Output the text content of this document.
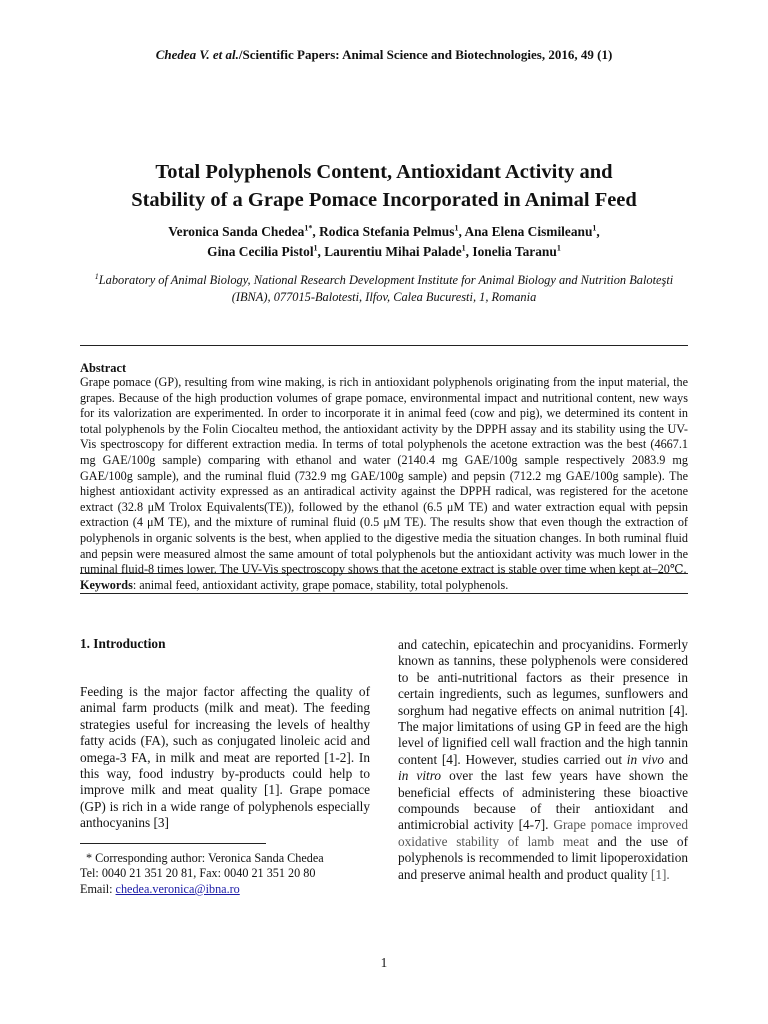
Chedea V. et al./Scientific Papers: Animal Science and Biotechnologies, 2016, 49 (1)
Total Polyphenols Content, Antioxidant Activity and
Stability of a Grape Pomace Incorporated in Animal Feed
Veronica Sanda Chedea$^{1*}$, Rodica Stefania Pelmus$^1$, Ana Elena Cismileanu$^1$,
Gina Cecilia Pistol$^1$, Laurentiu Mihai Palade$^1$, Ionelia Taranu$^1$
$^1$Laboratory of Animal Biology, National Research Development Institute for Animal Biology and Nutrition Baloteşti
(IBNA), 077015-Balotesti, Ilfov, Calea Bucuresti, 1, Romania
Abstract
Grape pomace (GP), resulting from wine making, is rich in antioxidant polyphenols originating from the input material, the grapes. Because of the high production volumes of grape pomace, environmental impact and nutritional content, new ways for its valorization are experimented. In order to incorporate it in animal feed (cow and pig), we determined its content in total polyphenols by the Folin Ciocalteu method, the antioxidant activity by the DPPH assay and its stability using the UV-Vis spectroscopy for different extraction media. In terms of total polyphenols the acetone extraction was the best (4667.1 mg GAE/100g sample) comparing with ethanol and water (2140.4 mg GAE/100g sample respectively 2083.9 mg GAE/100g sample), and the ruminal fluid (732.9 mg GAE/100g sample) and pepsin (712.2 mg GAE/100g sample). The highest antioxidant activity expressed as an antiradical activity against the DPPH radical, was registered for the acetone extract (32.8 μM Trolox Equivalents(TE)), followed by the ethanol (6.5 μM TE) and water extraction equal with pepsin extraction (4 μM TE), and the mixture of ruminal fluid (0.5 μM TE). The results show that even though the extraction of polyphenols in organic solvents is the best, when applied to the digestive media the situation changes. In both ruminal fluid and pepsin were measured almost the same amount of total polyphenols but the antioxidant activity was much lower in the ruminal fluid-8 times lower. The UV-Vis spectroscopy shows that the acetone extract is stable over time when kept at–20℃.
Keywords: animal feed, antioxidant activity, grape pomace, stability, total polyphenols.
1. Introduction

Feeding is the major factor affecting the quality of animal farm products (milk and meat). The feeding strategies useful for increasing the levels of healthy fatty acids (FA), such as conjugated linoleic acid and omega-3 FA, in milk and meat are reported [1-2]. In this way, food industry by-products could help to improve milk and meat quality [1]. Grape pomace (GP) is rich in a wide range of polyphenols especially anthocyanins [3]

and catechin, epicatechin and procyanidins. Formerly known as tannins, these polyphenols were considered to be anti-nutritional factors as their presence in certain ingredients, such as legumes, sunflowers and sorghum had negative effects on animal nutrition [4]. The major limitations of using GP in feed are the high level of lignified cell wall fraction and the high tannin content [4]. However, studies carried out in vivo and in vitro over the last few years have shown the beneficial effects of administering these bioactive compounds because of their antioxidant and antimicrobial activity [4-7]. Grape pomace improved oxidative stability of lamb meat and the use of polyphenols is recommended to limit lipoperoxidation and preserve animal health and product quality [1].

* Corresponding author: Veronica Sanda Chedea
Tel: 0040 21 351 20 81, Fax: 0040 21 351 20 80
Email: chedea.veronica@ibna.ro
1
